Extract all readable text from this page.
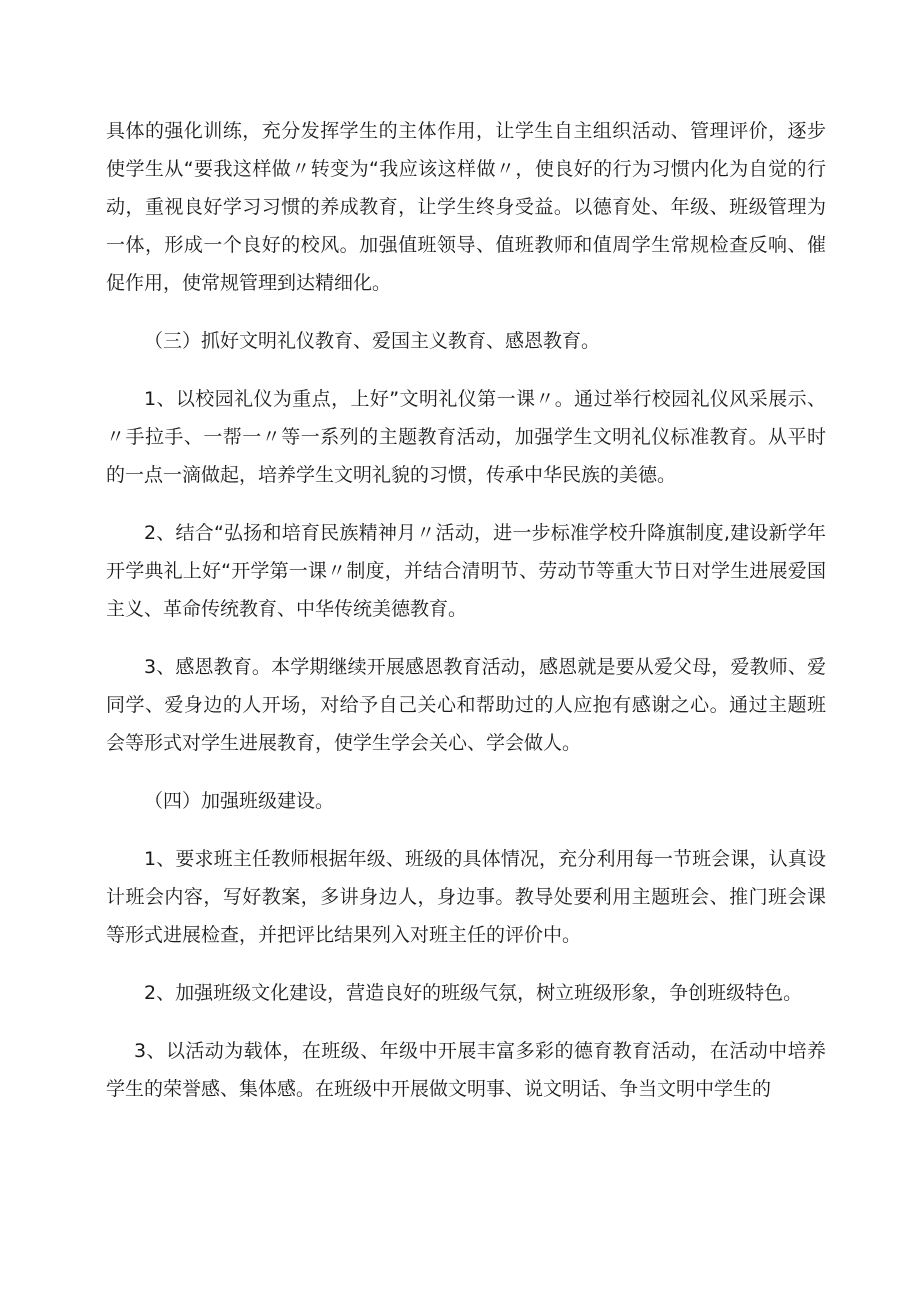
具体的强化训练，充分发挥学生的主体作用，让学生自主组织活动、管理评价，逐步使学生从“要我这样做〃转变为“我应该这样做〃，使良好的行为习惯内化为自觉的行动，重视良好学习习惯的养成教育，让学生终身受益。以德育处、年级、班级管理为一体，形成一个良好的校风。加强值班领导、值班教师和值周学生常规检查反响、催促作用，使常规管理到达精细化。

（三）抓好文明礼仪教育、爱国主义教育、感恩教育。

1、以校园礼仪为重点，上好”文明礼仪第一课〃。通过举行校园礼仪风采展示、〃手拉手、一帮一〃等一系列的主题教育活动，加强学生文明礼仪标准教育。从平时的一点一滴做起，培养学生文明礼貌的习惯，传承中华民族的美德。

2、结合“弘扬和培育民族精神月〃活动，进一步标准学校升降旗制度,建设新学年开学典礼上好“开学第一课〃制度，并结合清明节、劳动节等重大节日对学生进展爱国主义、革命传统教育、中华传统美德教育。

3、感恩教育。本学期继续开展感恩教育活动，感恩就是要从爱父母，爱教师、爱同学、爱身边的人开场，对给予自己关心和帮助过的人应抱有感谢之心。通过主题班会等形式对学生进展教育，使学生学会关心、学会做人。

（四）加强班级建设。

1、要求班主任教师根据年级、班级的具体情况，充分利用每一节班会课，认真设计班会内容，写好教案，多讲身边人，身边事。教导处要利用主题班会、推门班会课等形式进展检查，并把评比结果列入对班主任的评价中。

2、加强班级文化建设，营造良好的班级气氛，树立班级形象，争创班级特色。

3、以活动为载体，在班级、年级中开展丰富多彩的德育教育活动，在活动中培养学生的荣誉感、集体感。在班级中开展做文明事、说文明话、争当文明中学生的
